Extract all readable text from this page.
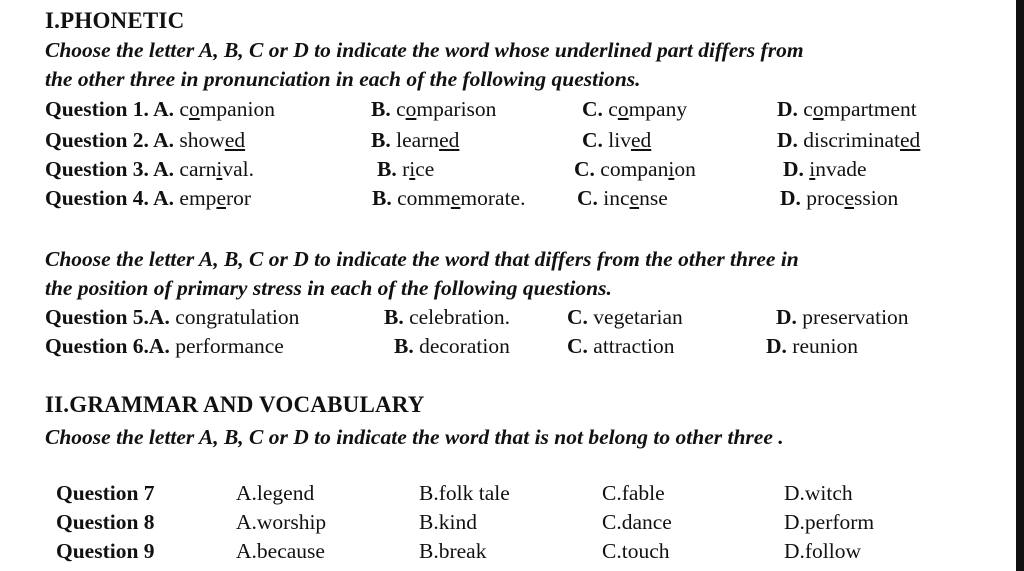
I.PHONETIC
Choose the letter A, B, C or D to indicate the word whose underlined part differs from
the other three in pronunciation in each of the following questions.
Question 1. A. companion	B. comparison	C. company	D. compartment
Question 2. A. showed	B. learned	C. lived	D. discriminated
Question 3. A. carnival.	B. rice	C. companion	D. invade
Question 4. A. emperor	B. commemorate. C. incense	D. procession
Choose the letter A, B, C or D to indicate the word that differs from the other three in
the position of primary stress in each of the following questions.
Question 5.A. congratulation	B. celebration.	C. vegetarian	D. preservation
Question 6.A. performance	B. decoration	C. attraction	D. reunion
II.GRAMMAR AND VOCABULARY
Choose the letter A, B, C or D to indicate the word that is not belong to other three .
Question 7	A.legend	B.folk tale	C.fable	D.witch
Question 8	A.worship	B.kind	C.dance	D.perform
Question 9	A.because	B.break	C.touch	D.follow
